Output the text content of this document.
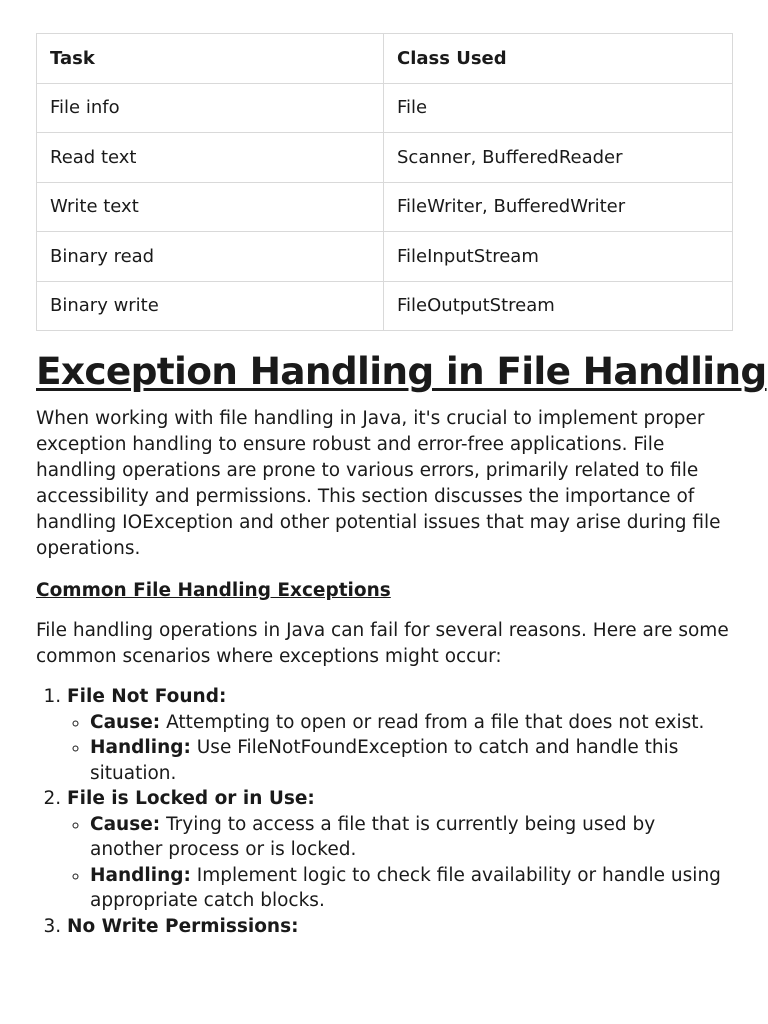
Task	Class Used
File info	File
Read text	Scanner, BufferedReader
Write text	FileWriter, BufferedWriter
Binary read	FileInputStream
Binary write	FileOutputStream
Exception Handling in File Handling

When working with file handling in Java, it's crucial to implement proper exception handling to ensure robust and error-free applications. File handling operations are prone to various errors, primarily related to file accessibility and permissions. This section discusses the importance of handling IOException and other potential issues that may arise during file operations.

Common File Handling Exceptions

File handling operations in Java can fail for several reasons. Here are some common scenarios where exceptions might occur:

1. File Not Found:
◦ Cause: Attempting to open or read from a file that does not exist.
◦ Handling: Use FileNotFoundException to catch and handle this situation.
2. File is Locked or in Use:
◦ Cause: Trying to access a file that is currently being used by another process or is locked.
◦ Handling: Implement logic to check file availability or handle using appropriate catch blocks.
3. No Write Permissions:
